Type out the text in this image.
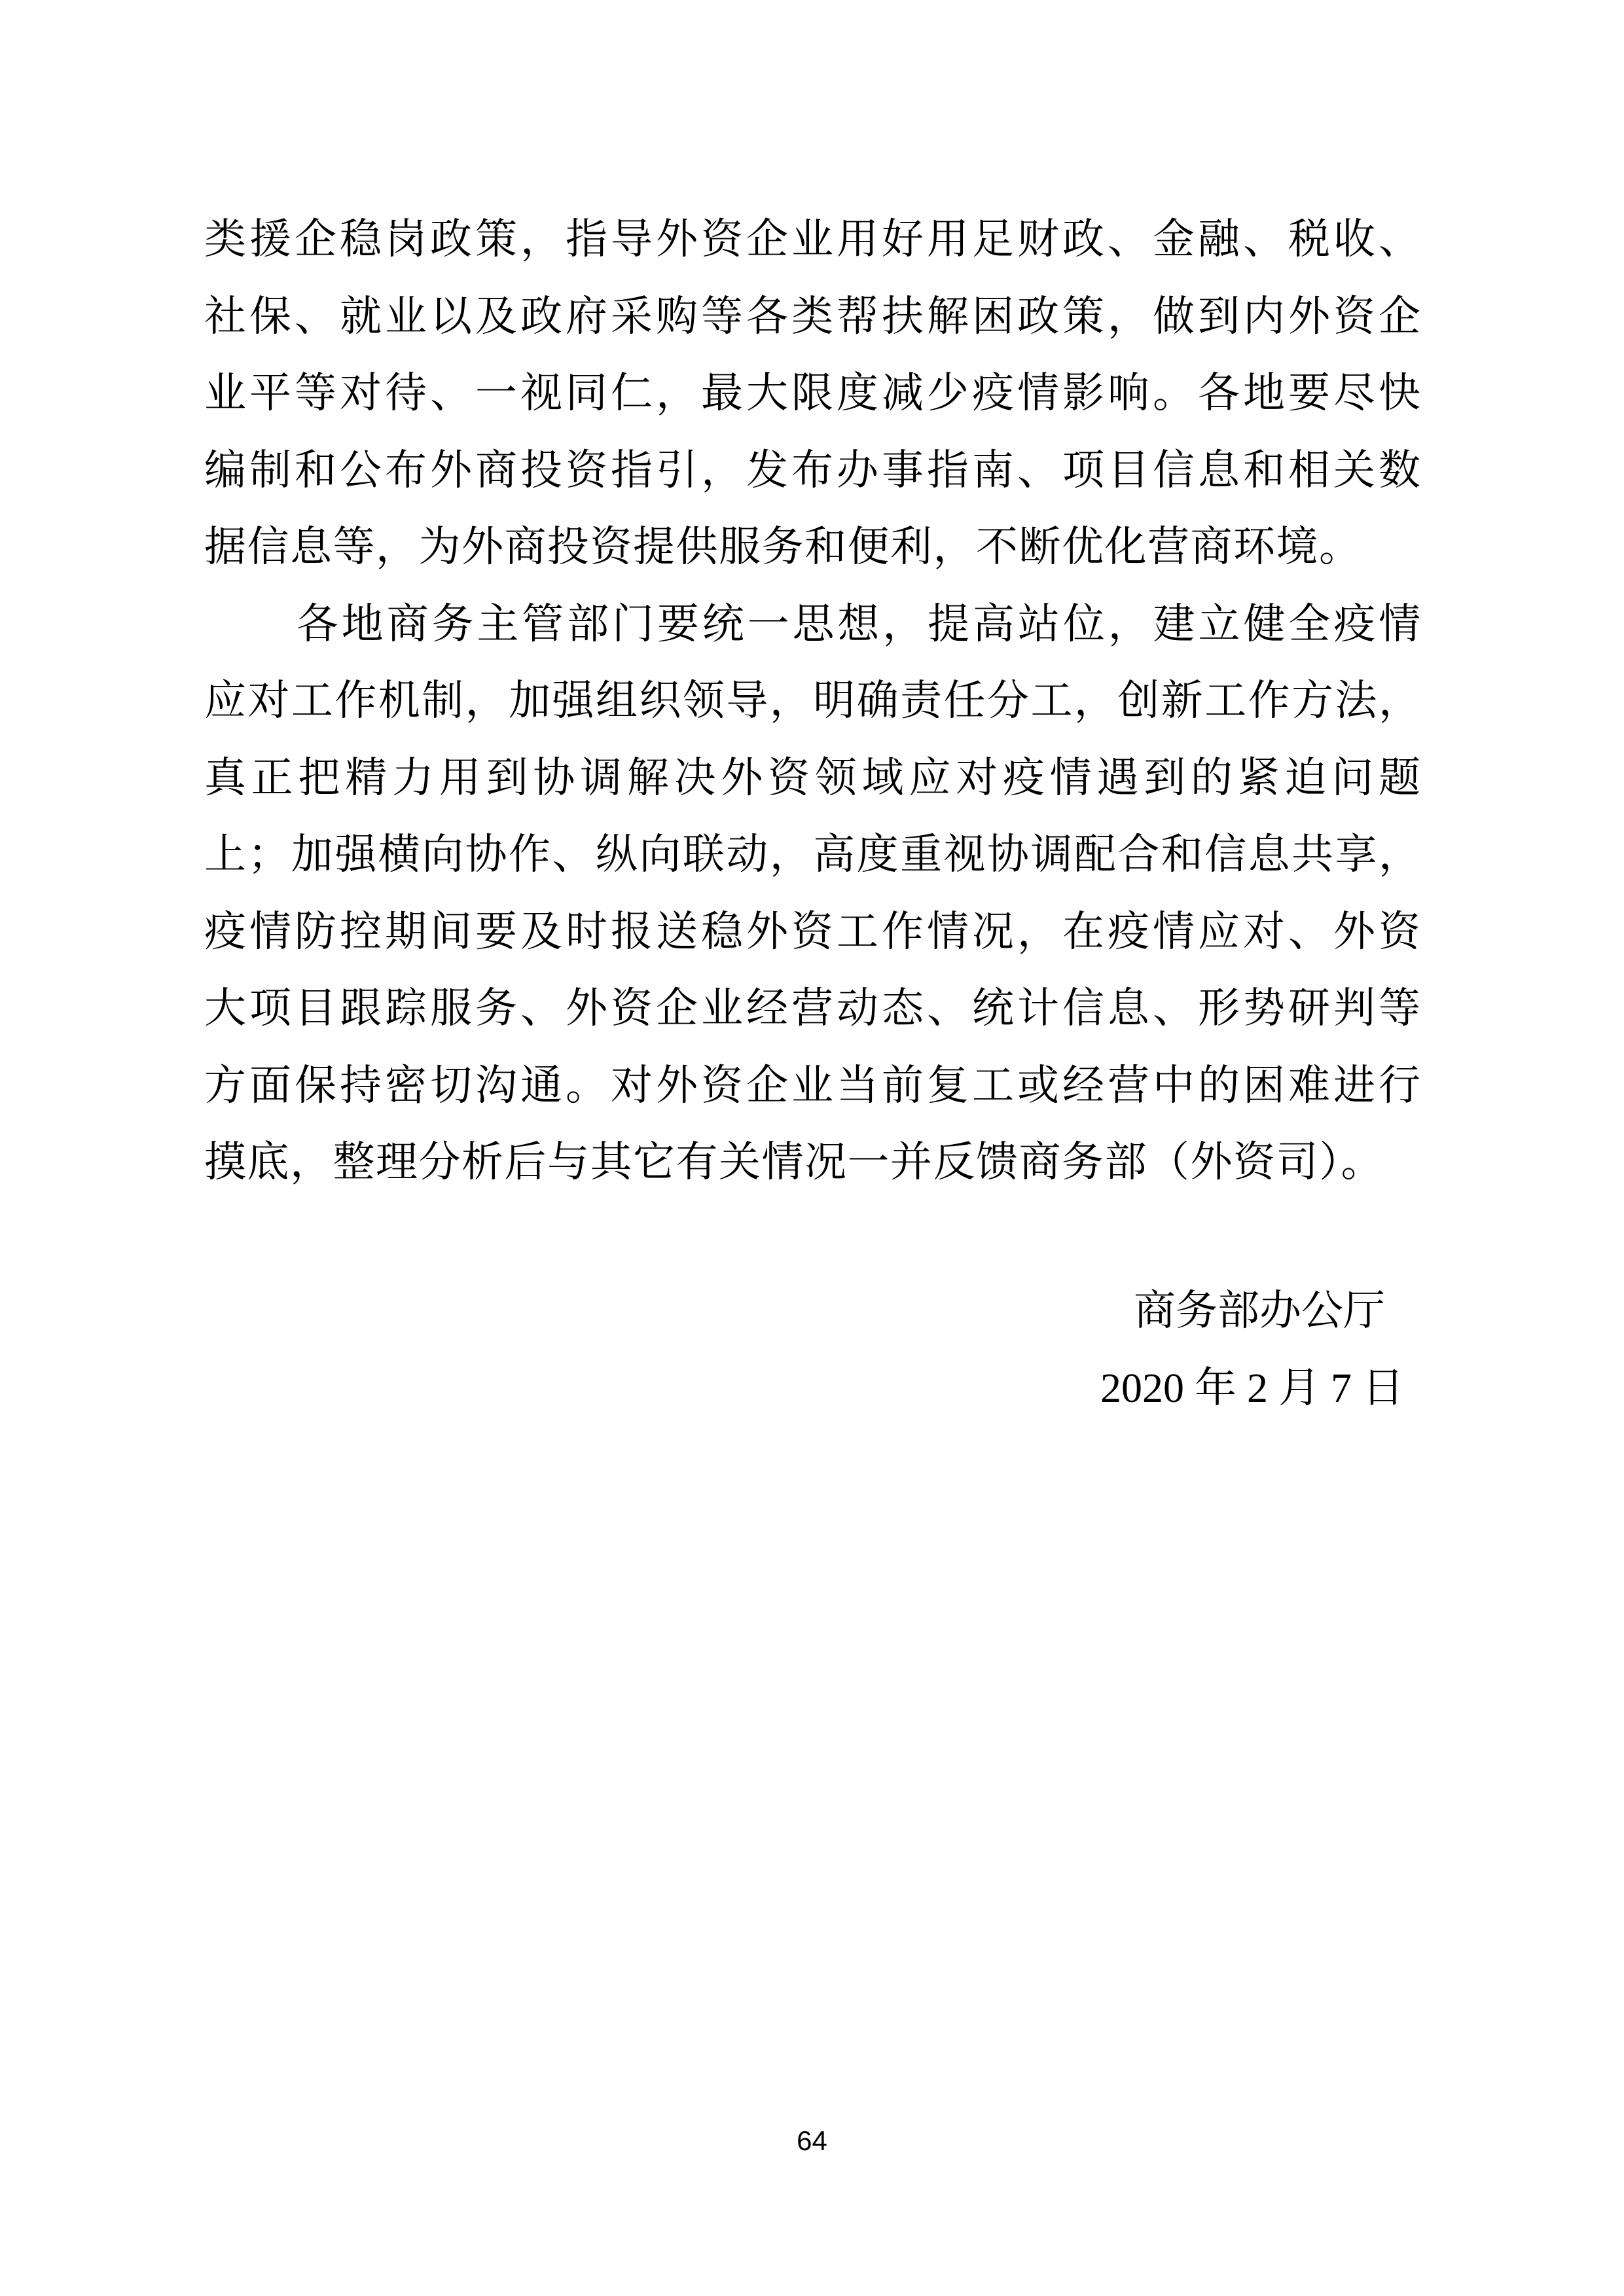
类援企稳岗政策，指导外资企业用好用足财政、金融、税收、
社保、就业以及政府采购等各类帮扶解困政策，做到内外资企
业平等对待、一视同仁，最大限度减少疫情影响。各地要尽快
编制和公布外商投资指引，发布办事指南、项目信息和相关数
据信息等，为外商投资提供服务和便利，不断优化营商环境。
各地商务主管部门要统一思想，提高站位，建立健全疫情
应对工作机制，加强组织领导，明确责任分工，创新工作方法，
真正把精力用到协调解决外资领域应对疫情遇到的紧迫问题
上；加强横向协作、纵向联动，高度重视协调配合和信息共享，
疫情防控期间要及时报送稳外资工作情况，在疫情应对、外资
大项目跟踪服务、外资企业经营动态、统计信息、形势研判等
方面保持密切沟通。对外资企业当前复工或经营中的困难进行
摸底，整理分析后与其它有关情况一并反馈商务部（外资司）。
商务部办公厅
2020 年 2 月 7 日
64
